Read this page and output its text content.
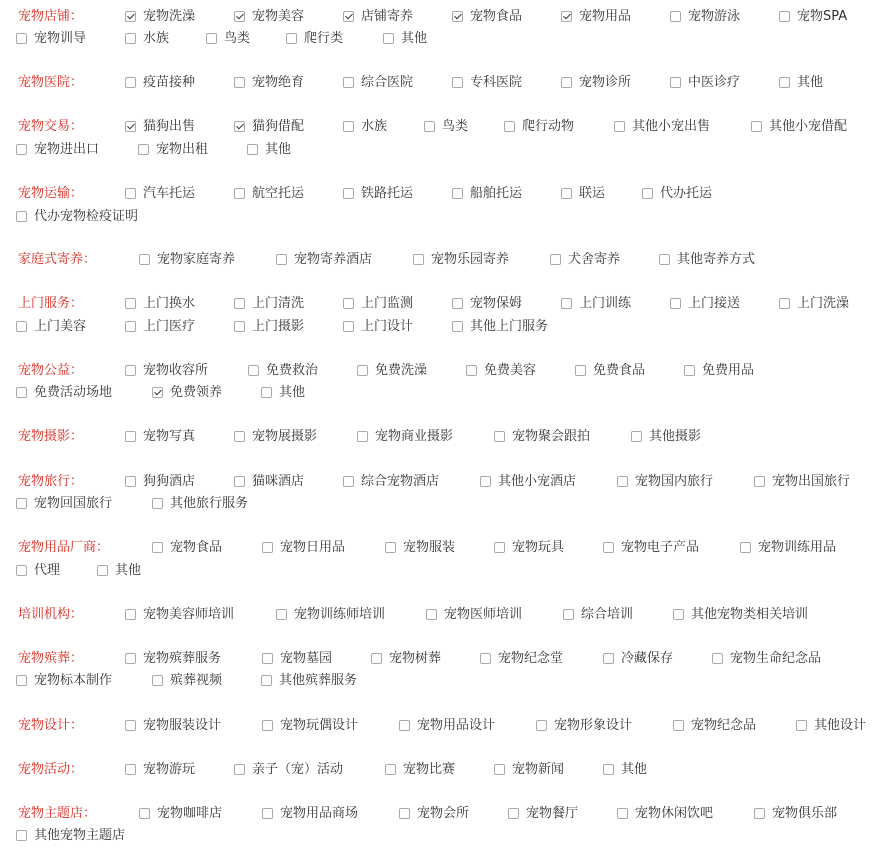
宠物店铺：	宠物洗澡	宠物美容	店铺寄养	宠物食品	宠物用品	宠物游泳	宠物SPA
宠物训导	水族	鸟类	爬行类	其他
宠物医院：	疫苗接种	宠物绝育	综合医院	专科医院	宠物诊所	中医诊疗	其他
宠物交易：	猫狗出售	猫狗借配	水族	鸟类	爬行动物	其他小宠出售	其他小宠借配
宠物进出口	宠物出租	其他
宠物运输：	汽车托运	航空托运	铁路托运	船舶托运	联运	代办托运
代办宠物检疫证明
家庭式寄养：	宠物家庭寄养	宠物寄养酒店	宠物乐园寄养	犬舍寄养	其他寄养方式
上门服务：	上门换水	上门清洗	上门监测	宠物保姆	上门训练	上门接送	上门洗澡
上门美容	上门医疗	上门摄影	上门设计	其他上门服务
宠物公益：	宠物收容所	免费救治	免费洗澡	免费美容	免费食品	免费用品
免费活动场地	免费领养	其他
宠物摄影：	宠物写真	宠物展摄影	宠物商业摄影	宠物聚会跟拍	其他摄影
宠物旅行：	狗狗酒店	猫咪酒店	综合宠物酒店	其他小宠酒店	宠物国内旅行	宠物出国旅行
宠物回国旅行	其他旅行服务
宠物用品厂商：	宠物食品	宠物日用品	宠物服装	宠物玩具	宠物电子产品	宠物训练用品
代理	其他
培训机构：	宠物美容师培训	宠物训练师培训	宠物医师培训	综合培训	其他宠物类相关培训
宠物殡葬：	宠物殡葬服务	宠物墓园	宠物树葬	宠物纪念堂	冷藏保存	宠物生命纪念品
宠物标本制作	殡葬视频	其他殡葬服务
宠物设计：	宠物服装设计	宠物玩偶设计	宠物用品设计	宠物形象设计	宠物纪念品	其他设计
宠物活动：	宠物游玩	亲子（宠）活动	宠物比赛	宠物新闻	其他
宠物主题店：	宠物咖啡店	宠物用品商场	宠物会所	宠物餐厅	宠物休闲饮吧	宠物俱乐部
其他宠物主题店
